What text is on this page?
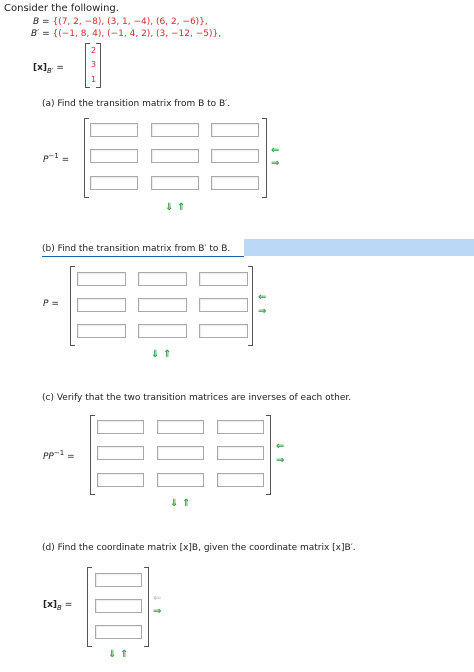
Consider the following.
B = {(7, 2, −8), (3, 1, −4), (6, 2, −6)},
B′ = {(−1, 8, 4), (−1, 4, 2), (3, −12, −5)},
$[x]_{B'}$ =
2
3
1
(a) Find the transition matrix from B to B′.
$P^{-1}$ =
⇐
⇒
⇓ ⇑
(b) Find the transition matrix from B′ to B.
P =
⇐
⇒
⇓ ⇑
(c) Verify that the two transition matrices are inverses of each other.
$PP^{-1}$ =
⇐
⇒
⇓ ⇑
(d) Find the coordinate matrix [x]B, given the coordinate matrix [x]B′.
$[x]_B$ =
⇐
⇒
⇓ ⇑
